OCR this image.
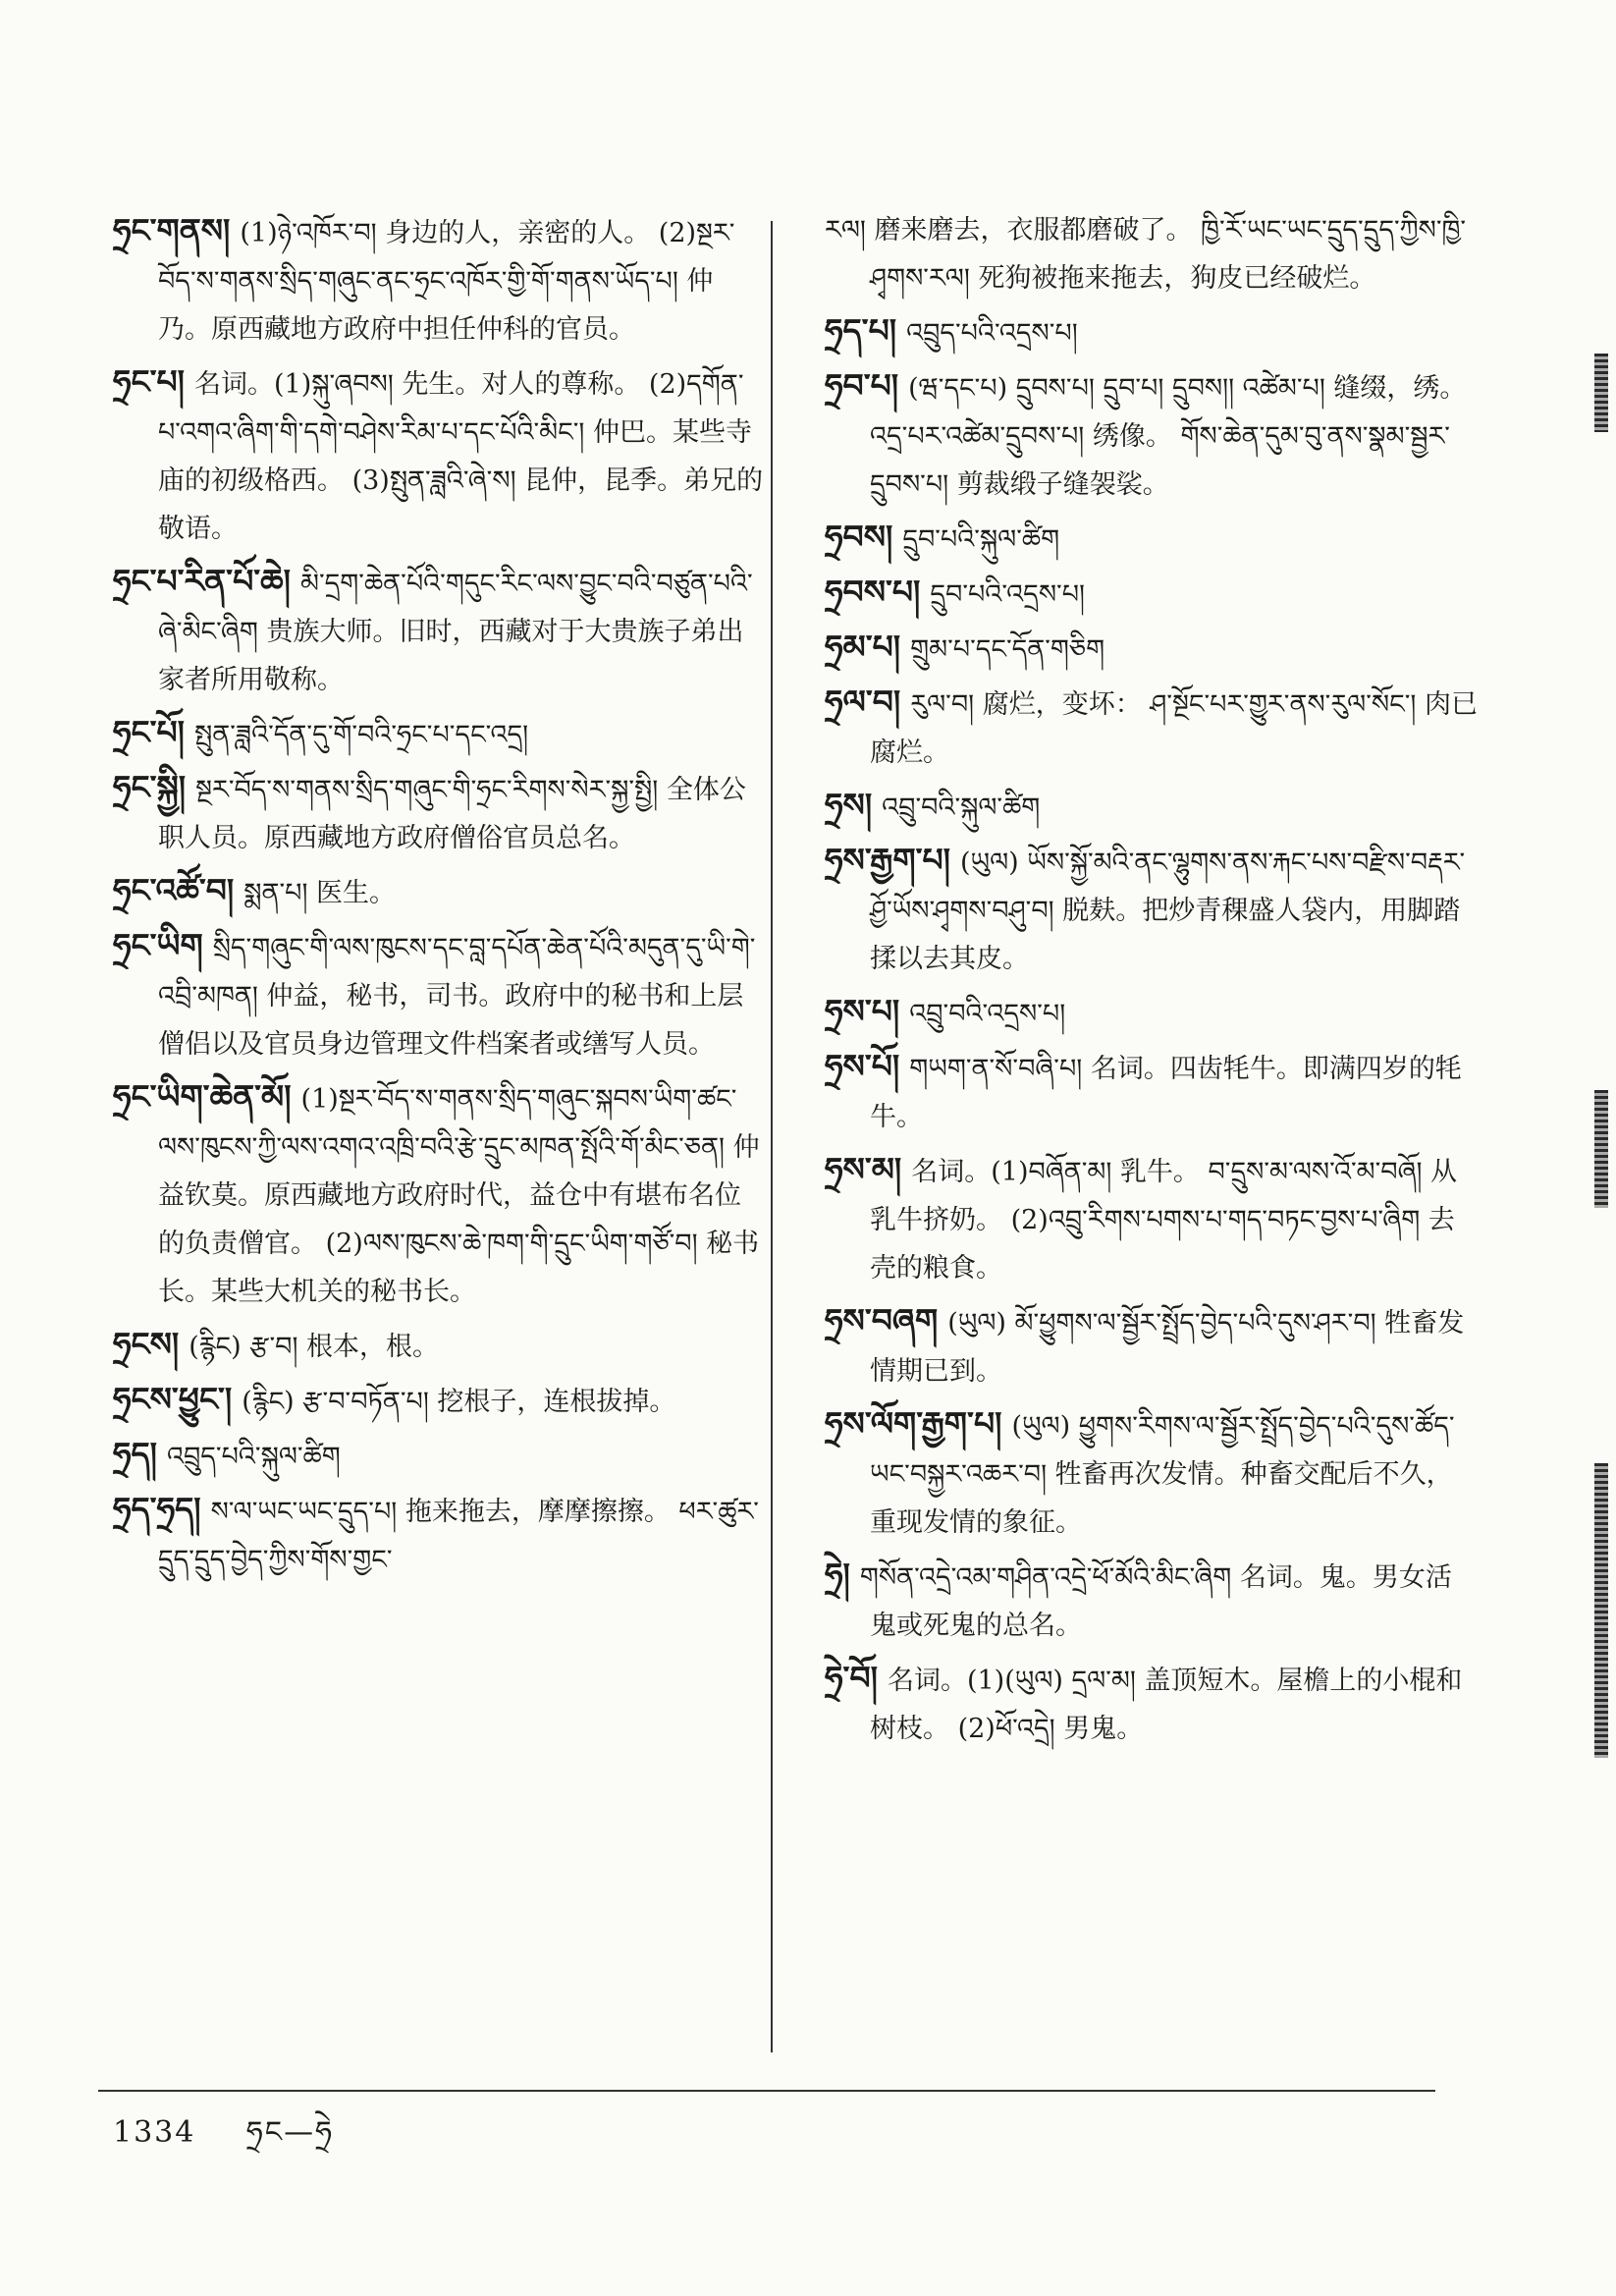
ཧྲང་གནས། (1)ཉེ་འཁོར་བ། 身边的人，亲密的人。 (2)སྔར་བོད་ས་གནས་སྲིད་གཞུང་ནང་ཧྲང་འཁོར་གྱི་གོ་གནས་ཡོད་པ། 仲乃。原西藏地方政府中担任仲科的官员。
ཧྲང་པ། 名词。(1)སྐུ་ཞབས། 先生。对人的尊称。 (2)དགོན་པ་འགའ་ཞིག་གི་དགེ་བཤེས་རིམ་པ་དང་པོའི་མིང་། 仲巴。某些寺庙的初级格西。 (3)སྤུན་ཟླའི་ཞེ་ས། 昆仲，昆季。弟兄的敬语。
ཧྲང་པ་རིན་པོ་ཆེ། མི་དྲག་ཆེན་པོའི་གདུང་རིང་ལས་བྱུང་བའི་བཙུན་པའི་ཞེ་མིང་ཞིག 贵族大师。旧时，西藏对于大贵族子弟出家者所用敬称。
ཧྲང་པོ། སྤུན་ཟླའི་དོན་དུ་གོ་བའི་ཧྲང་པ་དང་འདྲ།
ཧྲང་སྐྱི། སྔར་བོད་ས་གནས་སྲིད་གཞུང་གི་ཧྲང་རིགས་སེར་སྐྱ་སྤྱི། 全体公职人员。原西藏地方政府僧俗官员总名。
ཧྲང་འཚོ་བ། སྨན་པ། 医生。
ཧྲང་ཡིག སྲིད་གཞུང་གི་ལས་ཁུངས་དང་བླ་དཔོན་ཆེན་པོའི་མདུན་དུ་ཡི་གེ་འབྲི་མཁན། 仲益，秘书，司书。政府中的秘书和上层僧侣以及官员身边管理文件档案者或缮写人员。
ཧྲང་ཡིག་ཆེན་མོ། (1)སྔར་བོད་ས་གནས་སྲིད་གཞུང་སྐབས་ཡིག་ཚང་ལས་ཁུངས་ཀྱི་ལས་འགའ་འཁྲི་བའི་རྩེ་དྲུང་མཁན་སྤོའི་གོ་མིང་ཅན། 仲益钦莫。原西藏地方政府时代，益仓中有堪布名位的负责僧官。 (2)ལས་ཁུངས་ཆེ་ཁག་གི་དྲུང་ཡིག་གཙོ་བ། 秘书长。某些大机关的秘书长。
ཧྲངས། (རྙིང) རྩ་བ། 根本，根。
ཧྲངས་ཕྱུང་། (རྙིང) རྩ་བ་བཏོན་པ། 挖根子，连根拔掉。
ཧྲད། འབྲུད་པའི་སྐུལ་ཚིག
ཧྲད་ཧྲད། ས་ལ་ཡང་ཡང་དྲུད་པ། 拖来拖去，摩摩擦擦。 ཕར་ཚུར་དྲུད་དྲུད་བྱེད་ཀྱིས་གོས་གྱང་
རལ། 磨来磨去，衣服都磨破了。 ཁྱི་རོ་ཡང་ཡང་དྲུད་དྲུད་ཀྱིས་ཁྱི་ཤྭགས་རལ། 死狗被拖来拖去，狗皮已经破烂。
ཧྲད་པ། འབྲུད་པའི་འདྲས་པ།
ཧྲབ་པ། (ཝ་དང་པ) དྲུབས་པ། དྲུབ་པ། དྲུབས།། འཚེམ་པ། 缝缀，绣。 འདྲ་པར་འཚེམ་དྲུབས་པ། 绣像。 གོས་ཆེན་དུམ་བུ་ནས་སྣམ་སྦྱར་དྲུབས་པ། 剪裁缎子缝袈裟。
ཧྲབས། དྲུབ་པའི་སྐུལ་ཚིག
ཧྲབས་པ། དྲུབ་པའི་འདྲས་པ།
ཧྲམ་པ། གྲུམ་པ་དང་དོན་གཅིག
ཧྲལ་བ། རུལ་བ། 腐烂，变坏： ཤ་སྔོང་པར་གྱུར་ནས་རུལ་སོང་། 肉已腐烂。
ཧྲས། འབྲུ་བའི་སྐུལ་ཚིག
ཧྲས་རྒྱག་པ། (ཡུལ) ཡོས་སྐྱོ་མའི་ནང་ལྷུགས་ནས་རྐང་པས་བརྫིས་བརྡར་ཤྱོ་ཡོས་ཤྭགས་བཤུ་བ། 脱麸。把炒青稞盛人袋内，用脚踏揉以去其皮。
ཧྲས་པ། འབྲུ་བའི་འདྲས་པ།
ཧྲས་པོ། གཡག་ན་སོ་བཞི་པ། 名词。四齿牦牛。即满四岁的牦牛。
ཧྲས་མ། 名词。(1)བཞོན་མ། 乳牛。 བ་དྲུས་མ་ལས་འོ་མ་བཞོ། 从乳牛挤奶。 (2)འབྲུ་རིགས་པགས་པ་གད་བཏང་བྱས་པ་ཞིག 去壳的粮食。
ཧྲས་བཞག (ཡུལ) མོ་ཕྱུགས་ལ་སྦྱོར་སྤྲོད་བྱེད་པའི་དུས་ཤར་བ། 牲畜发情期已到。
ཧྲས་ལོག་རྒྱག་པ། (ཡུལ) ཕྱུགས་རིགས་ལ་སྦྱོར་སྤྲོད་བྱེད་པའི་དུས་ཚོད་ཡང་བསྐྱར་འཆར་བ། 牲畜再次发情。种畜交配后不久，重现发情的象征。
ཧྲེ། གསོན་འདྲེ་འམ་གཤིན་འདྲེ་ཕོ་མོའི་མིང་ཞིག 名词。鬼。男女活鬼或死鬼的总名。
ཧྲེ་བོ། 名词。(1)(ཡུལ) དྲལ་མ། 盖顶短木。屋檐上的小棍和树枝。 (2)ཕོ་འདྲེ། 男鬼。
1334 ཧྲང—ཧྲེ
